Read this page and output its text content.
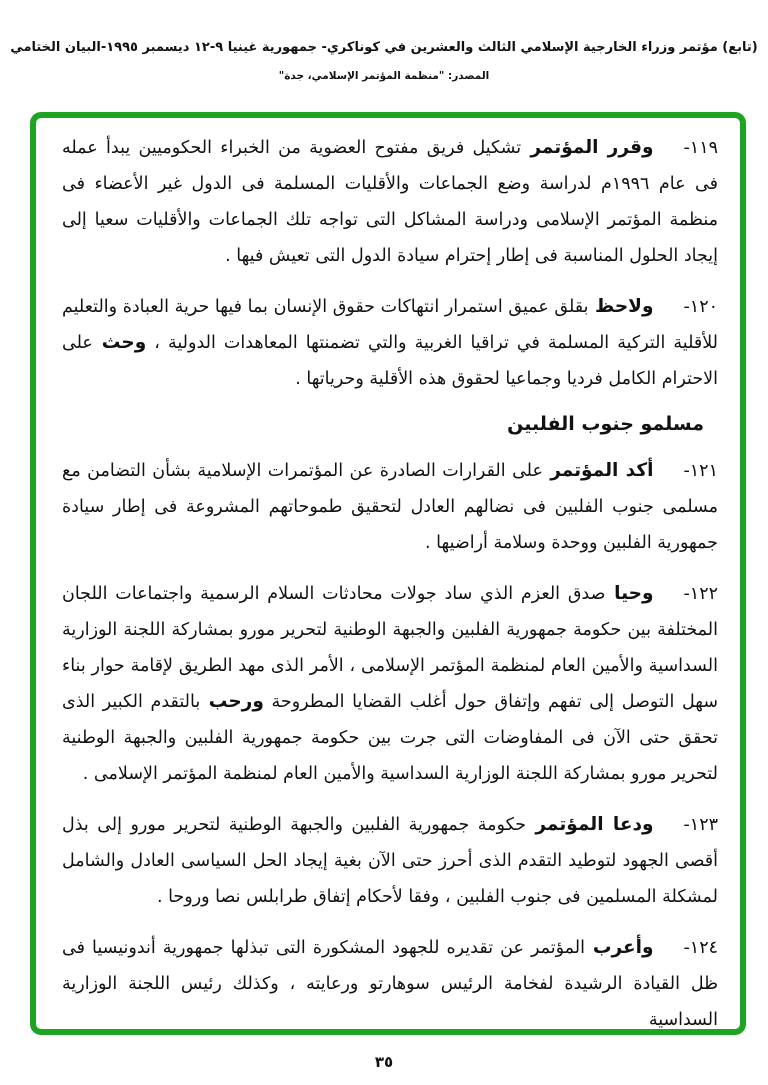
(تابع) مؤتمر وزراء الخارجية الإسلامي الثالث والعشرين في كوناكري- جمهورية غينيا ٩-١٢ ديسمبر ١٩٩٥-البيان الختامي
المصدر: "منظمة المؤتمر الإسلامي، جدة"

١١٩-وقرر المؤتمر تشكيل فريق مفتوح العضوية من الخبراء الحكوميين يبدأ عمله فى عام ١٩٩٦م لدراسة وضع الجماعات والأقليات المسلمة فى الدول غير الأعضاء فى منظمة المؤتمر الإسلامى ودراسة المشاكل التى تواجه تلك الجماعات والأقليات سعيا إلى إيجاد الحلول المناسبة فى إطار إحترام سيادة الدول التى تعيش فيها .

١٢٠-ولاحظ بقلق عميق استمرار انتهاكات حقوق الإنسان بما فيها حرية العبادة والتعليم للأقلية التركية المسلمة في تراقيا الغربية والتي تضمنتها المعاهدات الدولية ، وحث على الاحترام الكامل فرديا وجماعيا لحقوق هذه الأقلية وحرياتها .

مسلمو جنوب الفلبين

١٢١-أكد المؤتمر على القرارات الصادرة عن المؤتمرات الإسلامية بشأن التضامن مع مسلمى جنوب الفلبين فى نضالهم العادل لتحقيق طموحاتهم المشروعة فى إطار سيادة جمهورية الفلبين ووحدة وسلامة أراضيها .

١٢٢-وحيا صدق العزم الذي ساد جولات محادثات السلام الرسمية واجتماعات اللجان المختلفة بين حكومة جمهورية الفلبين والجبهة الوطنية لتحرير مورو بمشاركة اللجنة الوزارية السداسية والأمين العام لمنظمة المؤتمر الإسلامى ، الأمر الذى مهد الطريق لإقامة حوار بناء سهل التوصل إلى تفهم وإتفاق حول أغلب القضايا المطروحة ورحب بالتقدم الكبير الذى تحقق حتى الآن فى المفاوضات التى جرت بين حكومة جمهورية الفلبين والجبهة الوطنية لتحرير مورو بمشاركة اللجنة الوزارية السداسية والأمين العام لمنظمة المؤتمر الإسلامى .

١٢٣-ودعا المؤتمر حكومة جمهورية الفلبين والجبهة الوطنية لتحرير مورو إلى بذل أقصى الجهود لتوطيد التقدم الذى أحرز حتى الآن بغية إيجاد الحل السياسى العادل والشامل لمشكلة المسلمين فى جنوب الفلبين ، وفقا لأحكام إتفاق طرابلس نصا وروحا .

١٢٤-وأعرب المؤتمر عن تقديره للجهود المشكورة التى تبذلها جمهورية أندونيسيا فى ظل القيادة الرشيدة لفخامة الرئيس سوهارتو ورعايته ، وكذلك رئيس اللجنة الوزارية السداسية

٣٥
